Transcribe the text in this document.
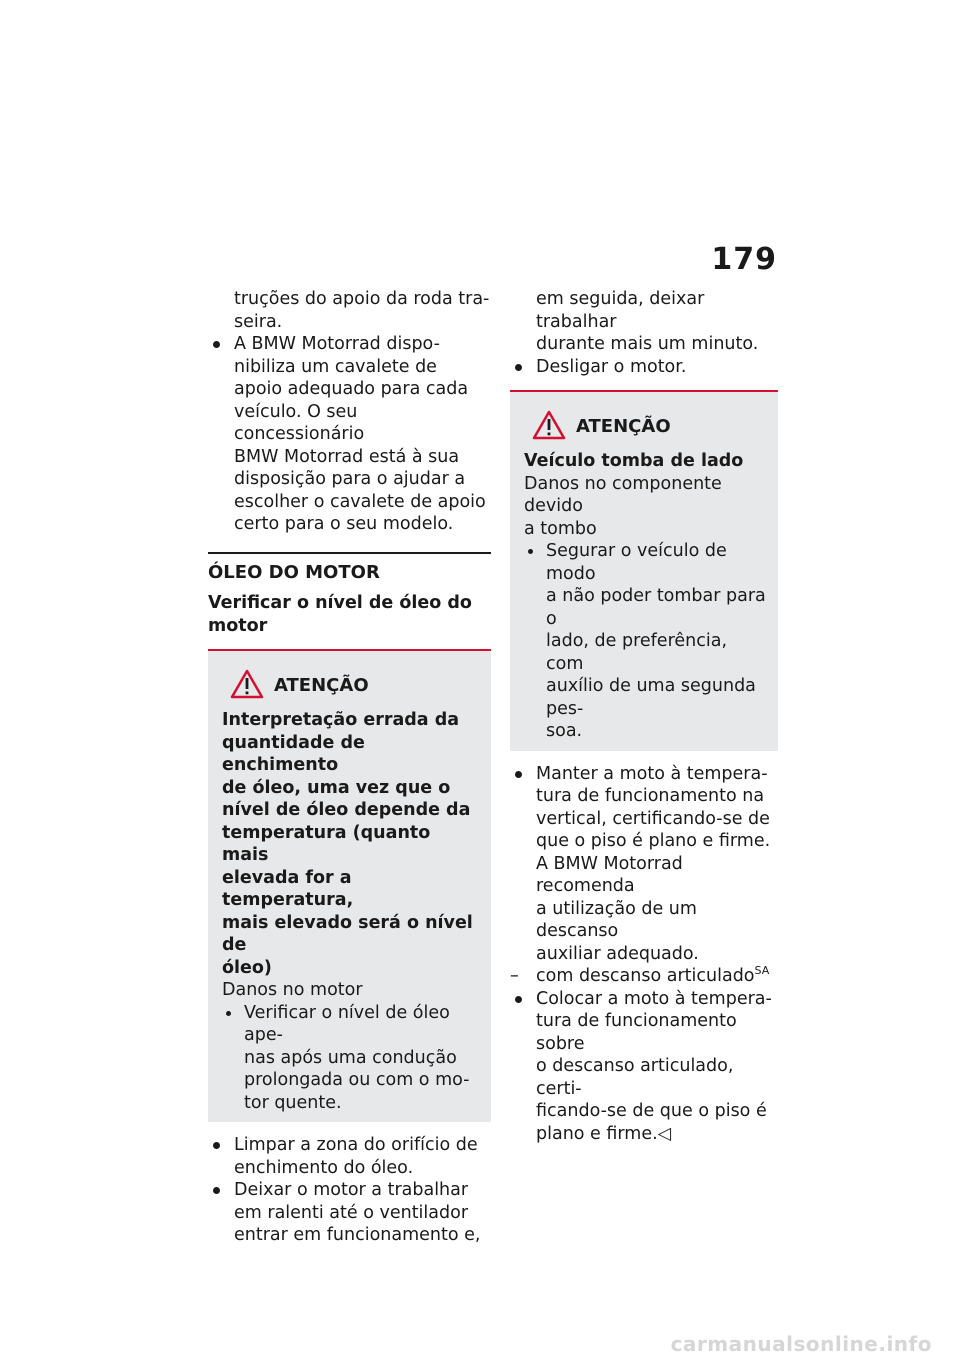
179
truções do apoio da roda tra-
seira.
A BMW Motorrad dispo-
nibiliza um cavalete de
apoio adequado para cada
veículo. O seu concessionário
BMW Motorrad está à sua
disposição para o ajudar a
escolher o cavalete de apoio
certo para o seu modelo.
ÓLEO DO MOTOR
Verificar o nível de óleo do
motor
ATENÇÃO
Interpretação errada da
quantidade de enchimento
de óleo, uma vez que o
nível de óleo depende da
temperatura (quanto mais
elevada for a temperatura,
mais elevado será o nível de
óleo)
Danos no motor
Verificar o nível de óleo ape-
nas após uma condução
prolongada ou com o mo-
tor quente.
Limpar a zona do orifício de
enchimento do óleo.
Deixar o motor a trabalhar
em ralenti até o ventilador
entrar em funcionamento e,
em seguida, deixar trabalhar
durante mais um minuto.
Desligar o motor.
ATENÇÃO
Veículo tomba de lado
Danos no componente devido
a tombo
Segurar o veículo de modo
a não poder tombar para o
lado, de preferência, com
auxílio de uma segunda pes-
soa.
Manter a moto à tempera-
tura de funcionamento na
vertical, certificando-se de
que o piso é plano e firme.
A BMW Motorrad recomenda
a utilização de um descanso
auxiliar adequado.
– com descanso articulado$^{SA}$
Colocar a moto à tempera-
tura de funcionamento sobre
o descanso articulado, certi-
ficando-se de que o piso é
plano e firme.◁
carmanualsonline.info
